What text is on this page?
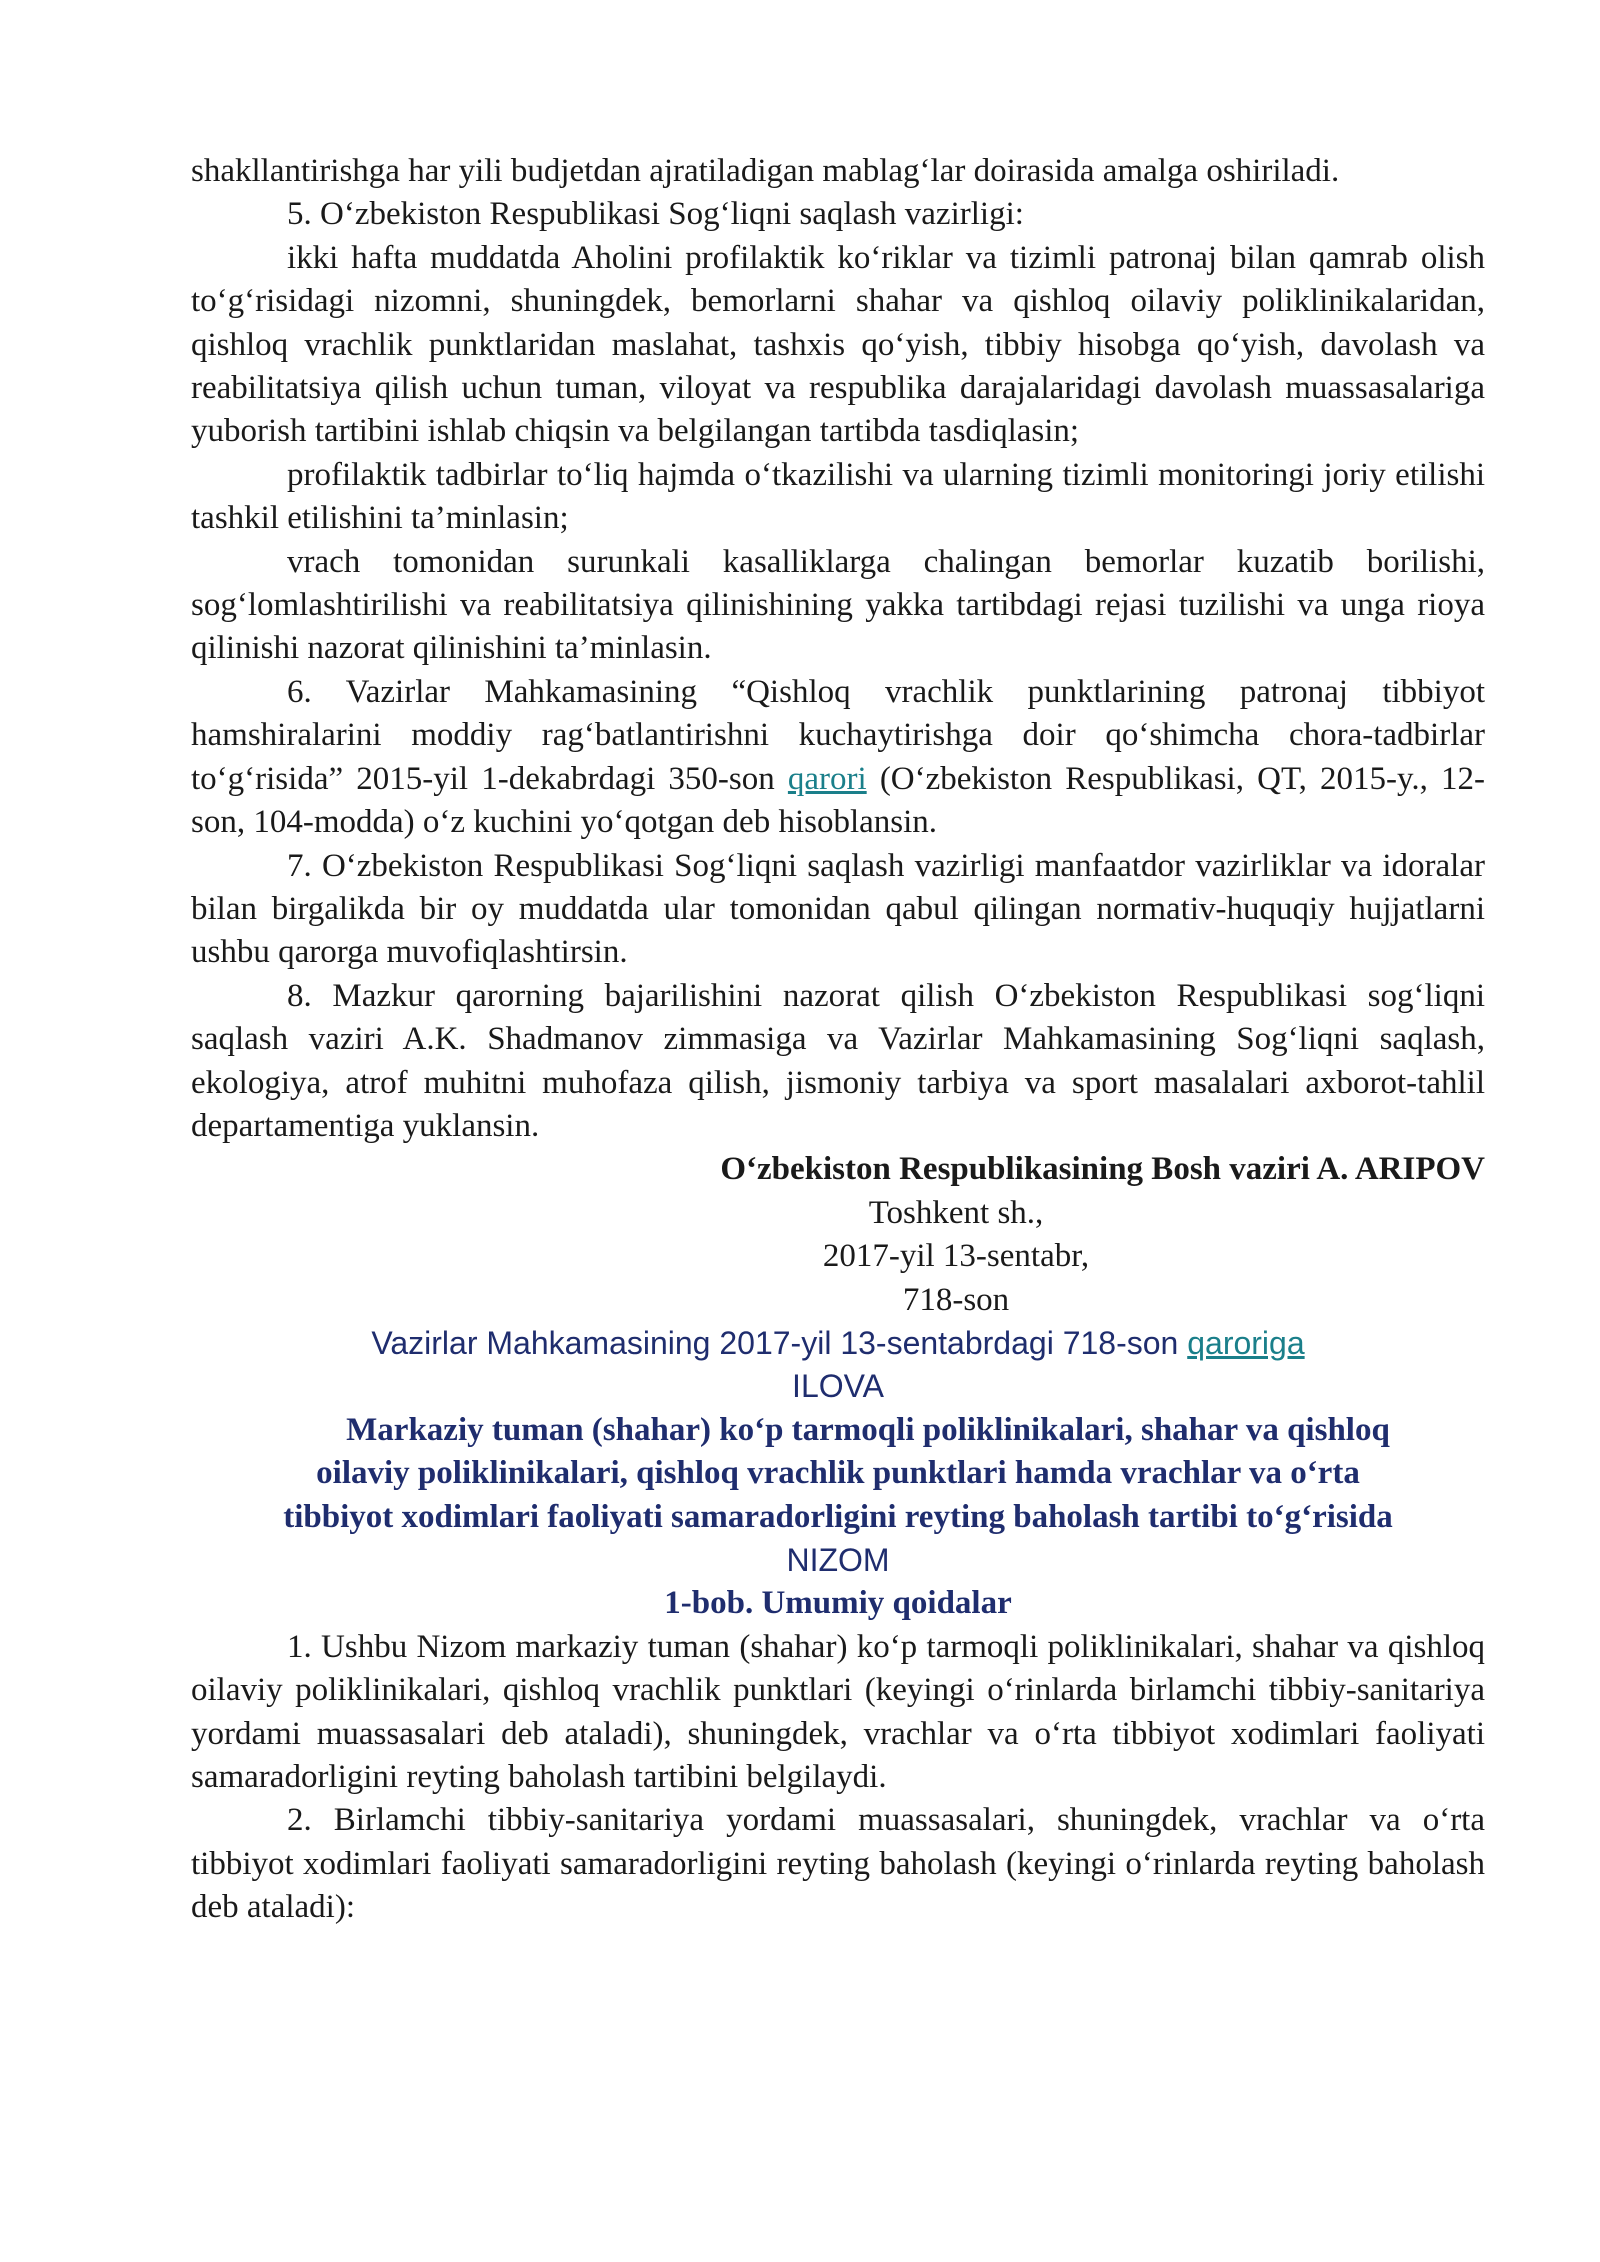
shakllantirishga har yili budjetdan ajratiladigan mablag‘lar doirasida amalga oshiriladi.

5. O‘zbekiston Respublikasi Sog‘liqni saqlash vazirligi:

ikki hafta muddatda Aholini profilaktik ko‘riklar va tizimli patronaj bilan qamrab olish to‘g‘risidagi nizomni, shuningdek, bemorlarni shahar va qishloq oilaviy poliklinikalaridan, qishloq vrachlik punktlaridan maslahat, tashxis qo‘yish, tibbiy hisobga qo‘yish, davolash va reabilitatsiya qilish uchun tuman, viloyat va respublika darajalaridagi davolash muassasalariga yuborish tartibini ishlab chiqsin va belgilangan tartibda tasdiqlasin;

profilaktik tadbirlar to‘liq hajmda o‘tkazilishi va ularning tizimli monitoringi joriy etilishi tashkil etilishini ta’minlasin;

vrach tomonidan surunkali kasalliklarga chalingan bemorlar kuzatib borilishi, sog‘lomlashtirilishi va reabilitatsiya qilinishining yakka tartibdagi rejasi tuzilishi va unga rioya qilinishi nazorat qilinishini ta’minlasin.

6. Vazirlar Mahkamasining “Qishloq vrachlik punktlarining patronaj tibbiyot hamshiralarini moddiy rag‘batlantirishni kuchaytirishga doir qo‘shimcha chora-tadbirlar to‘g‘risida” 2015-yil 1-dekabrdagi 350-son qarori (O‘zbekiston Respublikasi, QT, 2015-y., 12-son, 104-modda) o‘z kuchini yo‘qotgan deb hisoblansin.

7. O‘zbekiston Respublikasi Sog‘liqni saqlash vazirligi manfaatdor vazirliklar va idoralar bilan birgalikda bir oy muddatda ular tomonidan qabul qilingan normativ-huquqiy hujjatlarni ushbu qarorga muvofiqlashtirsin.

8. Mazkur qarorning bajarilishini nazorat qilish O‘zbekiston Respublikasi sog‘liqni saqlash vaziri A.K. Shadmanov zimmasiga va Vazirlar Mahkamasining Sog‘liqni saqlash, ekologiya, atrof muhitni muhofaza qilish, jismoniy tarbiya va sport masalalari axborot-tahlil departamentiga yuklansin.

O‘zbekiston Respublikasining Bosh vaziri A. ARIPOV

Toshkent sh.,

2017-yil 13-sentabr,

718-son

Vazirlar Mahkamasining 2017-yil 13-sentabrdagi 718-son qaroriga

ILOVA

Markaziy tuman (shahar) ko‘p tarmoqli poliklinikalari, shahar va qishloq

oilaviy poliklinikalari, qishloq vrachlik punktlari hamda vrachlar va o‘rta

tibbiyot xodimlari faoliyati samaradorligini reyting baholash tartibi to‘g‘risida

NIZOM

1-bob. Umumiy qoidalar

1. Ushbu Nizom markaziy tuman (shahar) ko‘p tarmoqli poliklinikalari, shahar va qishloq oilaviy poliklinikalari, qishloq vrachlik punktlari (keyingi o‘rinlarda birlamchi tibbiy-sanitariya yordami muassasalari deb ataladi), shuningdek, vrachlar va o‘rta tibbiyot xodimlari faoliyati samaradorligini reyting baholash tartibini belgilaydi.

2. Birlamchi tibbiy-sanitariya yordami muassasalari, shuningdek, vrachlar va o‘rta tibbiyot xodimlari faoliyati samaradorligini reyting baholash (keyingi o‘rinlarda reyting baholash deb ataladi):
